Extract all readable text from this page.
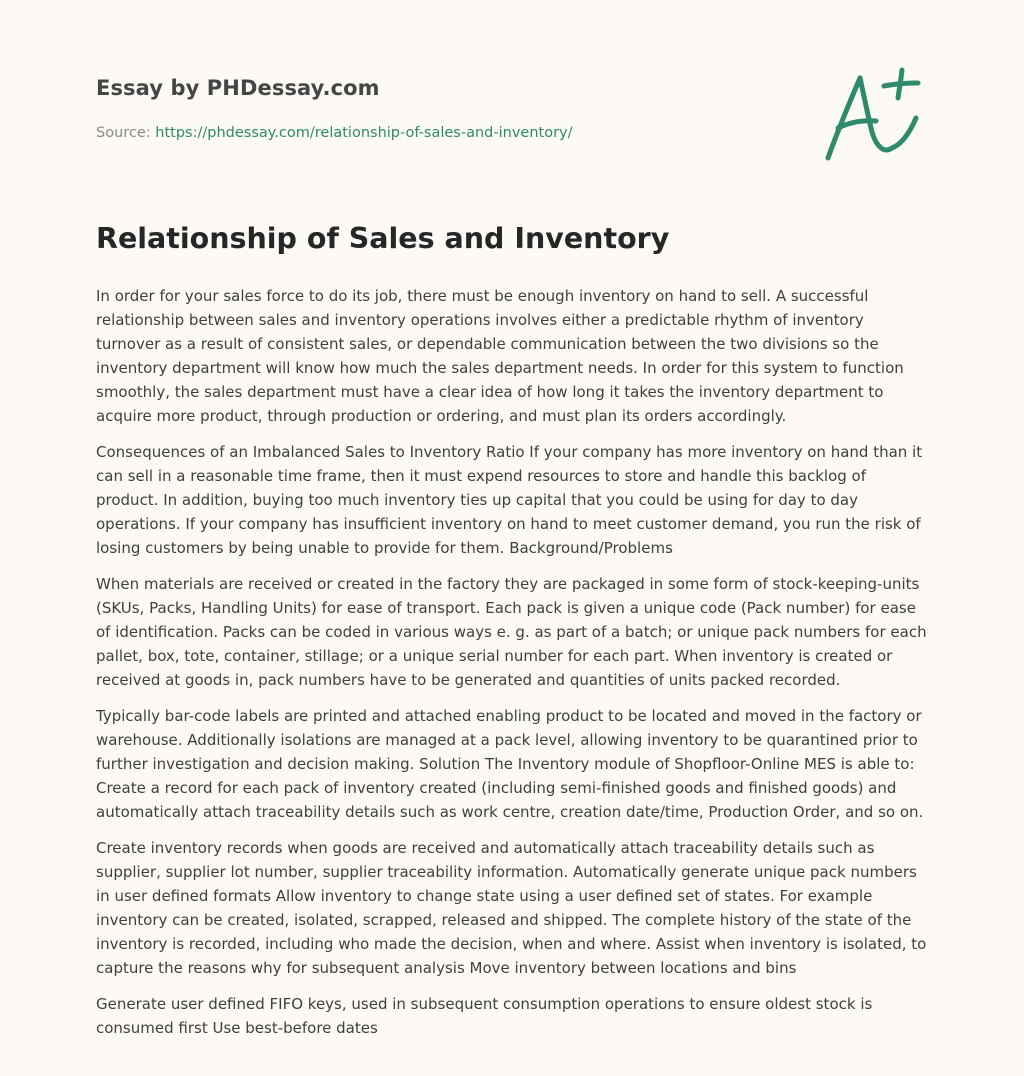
Essay by PHDessay.com

Source: https://phdessay.com/relationship-of-sales-and-inventory/

Relationship of Sales and Inventory

In order for your sales force to do its job, there must be enough inventory on hand to sell. A successful relationship between sales and inventory operations involves either a predictable rhythm of inventory turnover as a result of consistent sales, or dependable communication between the two divisions so the inventory department will know how much the sales department needs. In order for this system to function smoothly, the sales department must have a clear idea of how long it takes the inventory department to acquire more product, through production or ordering, and must plan its orders accordingly.

Consequences of an Imbalanced Sales to Inventory Ratio If your company has more inventory on hand than it can sell in a reasonable time frame, then it must expend resources to store and handle this backlog of product. In addition, buying too much inventory ties up capital that you could be using for day to day operations. If your company has insufficient inventory on hand to meet customer demand, you run the risk of losing customers by being unable to provide for them. Background/Problems

When materials are received or created in the factory they are packaged in some form of stock-keeping-units (SKUs, Packs, Handling Units) for ease of transport. Each pack is given a unique code (Pack number) for ease of identification. Packs can be coded in various ways e. g. as part of a batch; or unique pack numbers for each pallet, box, tote, container, stillage; or a unique serial number for each part. When inventory is created or received at goods in, pack numbers have to be generated and quantities of units packed recorded.

Typically bar-code labels are printed and attached enabling product to be located and moved in the factory or warehouse. Additionally isolations are managed at a pack level, allowing inventory to be quarantined prior to further investigation and decision making. Solution The Inventory module of Shopfloor-Online MES is able to: Create a record for each pack of inventory created (including semi-finished goods and finished goods) and automatically attach traceability details such as work centre, creation date/time, Production Order, and so on.

Create inventory records when goods are received and automatically attach traceability details such as supplier, supplier lot number, supplier traceability information. Automatically generate unique pack numbers in user defined formats Allow inventory to change state using a user defined set of states. For example inventory can be created, isolated, scrapped, released and shipped. The complete history of the state of the inventory is recorded, including who made the decision, when and where. Assist when inventory is isolated, to capture the reasons why for subsequent analysis Move inventory between locations and bins

Generate user defined FIFO keys, used in subsequent consumption operations to ensure oldest stock is consumed first Use best-before dates
